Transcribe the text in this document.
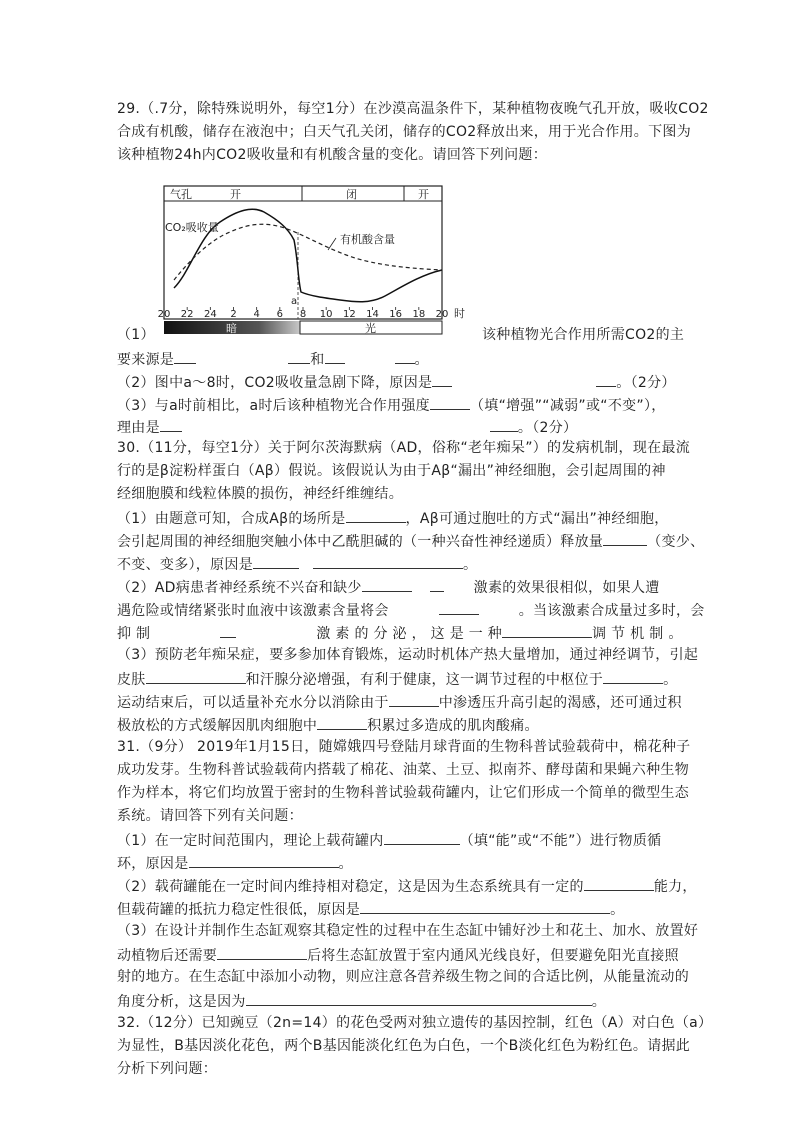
29.（.7分，除特殊说明外，每空1分）在沙漠高温条件下，某种植物夜晚气孔开放，吸收CO2
合成有机酸，储存在液泡中；白天气孔关闭，储存的CO2释放出来，用于光合作用。下图为
该种植物24h内CO2吸收量和有机酸含量的变化。请回答下列问题：
气孔	开	闭	开
CO₂吸收量
有机酸含量
a
20 22 24 2 4 6 8 10 12 14 16 18 20 时
暗	光
（1）	该种植物光合作用所需CO2的主
要来源是	和	。
（2）图中a～8时，CO2吸收量急剧下降，原因是	。（2分）
（3）与a时前相比，a时后该种植物光合作用强度	（填“增强”“减弱”或“不变”），
理由是	。（2分）
30.（11分，每空1分）关于阿尔茨海默病（AD，俗称“老年痴呆”）的发病机制，现在最流
行的是β淀粉样蛋白（Aβ）假说。该假说认为由于Aβ“漏出”神经细胞，会引起周围的神
经细胞膜和线粒体膜的损伤，神经纤维缠结。
（1）由题意可知，合成Aβ的场所是	，Aβ可通过胞吐的方式“漏出”神经细胞，
会引起周围的神经细胞突触小体中乙酰胆碱的（一种兴奋性神经递质）释放量	（变少、
不变、变多），原因是	。
（2）AD病患者神经系统不兴奋和缺少	激素的效果很相似，如果人遭
遇危险或情绪紧张时血液中该激素含量将会	。当该激素合成量过多时，会
抑 制	激 素 的 分 泌 ， 这 是 一 种	调 节 机 制 。
（3）预防老年痴呆症，要多参加体育锻炼，运动时机体产热大量增加，通过神经调节，引起
皮肤	和汗腺分泌增强，有利于健康，这一调节过程的中枢位于	。
运动结束后，可以适量补充水分以消除由于	中渗透压升高引起的渴感，还可通过积
极放松的方式缓解因肌肉细胞中	积累过多造成的肌肉酸痛。
31.（9分） 2019年1月15日，随嫦娥四号登陆月球背面的生物科普试验载荷中，棉花种子
成功发芽。生物科普试验载荷内搭载了棉花、油菜、土豆、拟南芥、酵母菌和果蝇六种生物
作为样本，将它们均放置于密封的生物科普试验载荷罐内，让它们形成一个简单的微型生态
系统。请回答下列有关问题：
（1）在一定时间范围内，理论上载荷罐内	（填“能”或“不能”）进行物质循
环，原因是	。
（2）载荷罐能在一定时间内维持相对稳定，这是因为生态系统具有一定的	能力，
但载荷罐的抵抗力稳定性很低，原因是	。
（3）在设计并制作生态缸观察其稳定性的过程中在生态缸中铺好沙土和花土、加水、放置好
动植物后还需要	后将生态缸放置于室内通风光线良好，但要避免阳光直接照
射的地方。在生态缸中添加小动物，则应注意各营养级生物之间的合适比例，从能量流动的
角度分析，这是因为	。
32.（12分）已知豌豆（2n=14）的花色受两对独立遗传的基因控制，红色（A）对白色（a）
为显性，B基因淡化花色，两个B基因能淡化红色为白色，一个B淡化红色为粉红色。请据此
分析下列问题：
